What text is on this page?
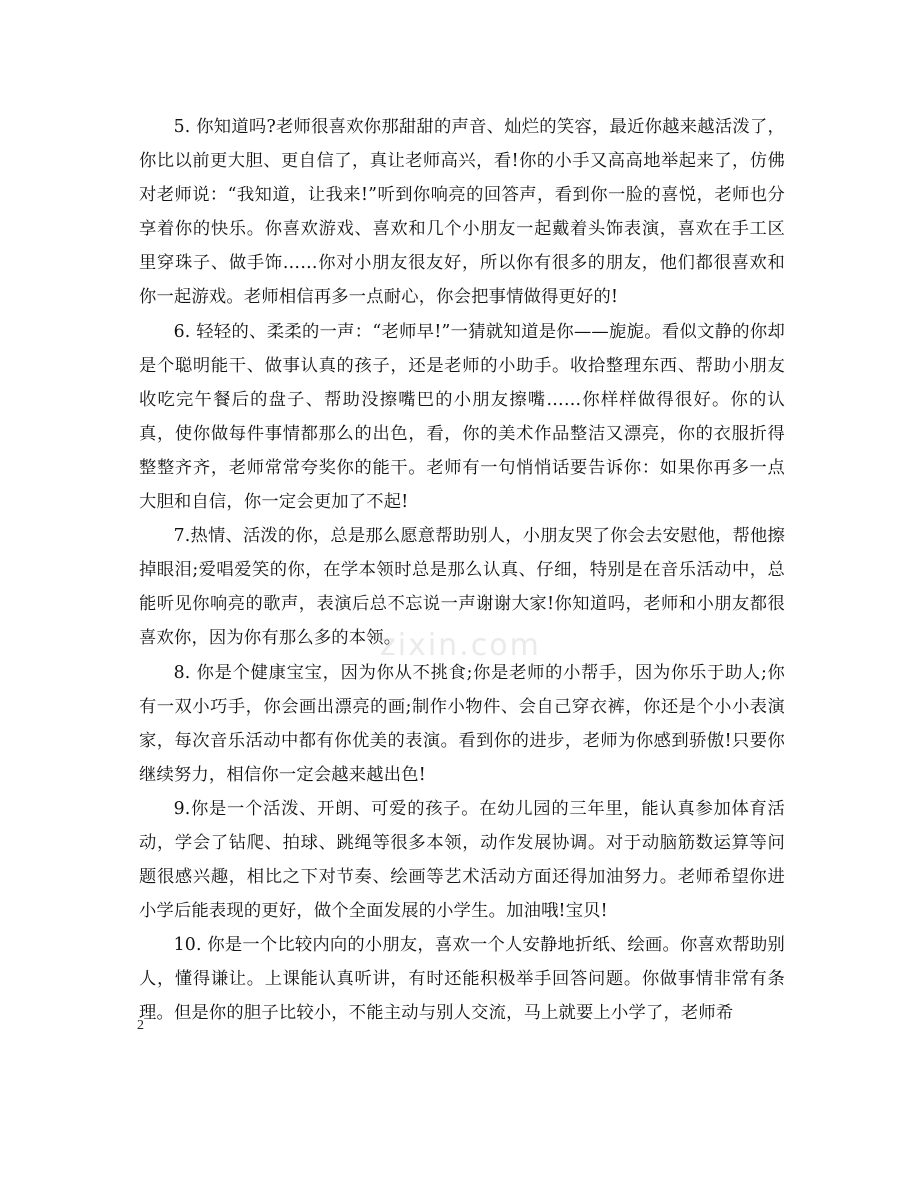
5. 你知道吗?老师很喜欢你那甜甜的声音、灿烂的笑容，最近你越来越活泼了，你比以前更大胆、更自信了，真让老师高兴，看!你的小手又高高地举起来了，仿佛对老师说：“我知道，让我来!”听到你响亮的回答声，看到你一脸的喜悦，老师也分享着你的快乐。你喜欢游戏、喜欢和几个小朋友一起戴着头饰表演，喜欢在手工区里穿珠子、做手饰……你对小朋友很友好，所以你有很多的朋友，他们都很喜欢和你一起游戏。老师相信再多一点耐心，你会把事情做得更好的!

6. 轻轻的、柔柔的一声：“老师早!”一猜就知道是你——旎旎。看似文静的你却是个聪明能干、做事认真的孩子，还是老师的小助手。收拾整理东西、帮助小朋友收吃完午餐后的盘子、帮助没擦嘴巴的小朋友擦嘴……你样样做得很好。你的认真，使你做每件事情都那么的出色，看，你的美术作品整洁又漂亮，你的衣服折得整整齐齐，老师常常夸奖你的能干。老师有一句悄悄话要告诉你：如果你再多一点大胆和自信，你一定会更加了不起!

7.热情、活泼的你，总是那么愿意帮助别人，小朋友哭了你会去安慰他，帮他擦掉眼泪;爱唱爱笑的你，在学本领时总是那么认真、仔细，特别是在音乐活动中，总能听见你响亮的歌声，表演后总不忘说一声谢谢大家!你知道吗，老师和小朋友都很喜欢你，因为你有那么多的本领。

8. 你是个健康宝宝，因为你从不挑食;你是老师的小帮手，因为你乐于助人;你有一双小巧手，你会画出漂亮的画;制作小物件、会自己穿衣裤，你还是个小小表演家，每次音乐活动中都有你优美的表演。看到你的进步，老师为你感到骄傲!只要你继续努力，相信你一定会越来越出色!

9.你是一个活泼、开朗、可爱的孩子。在幼儿园的三年里，能认真参加体育活动，学会了钻爬、拍球、跳绳等很多本领，动作发展协调。对于动脑筋数运算等问题很感兴趣，相比之下对节奏、绘画等艺术活动方面还得加油努力。老师希望你进小学后能表现的更好，做个全面发展的小学生。加油哦!宝贝!

10. 你是一个比较内向的小朋友，喜欢一个人安静地折纸、绘画。你喜欢帮助别人，懂得谦让。上课能认真听讲，有时还能积极举手回答问题。你做事情非常有条理。但是你的胆子比较小，不能主动与别人交流，马上就要上小学了，老师希

zixin.com
2
